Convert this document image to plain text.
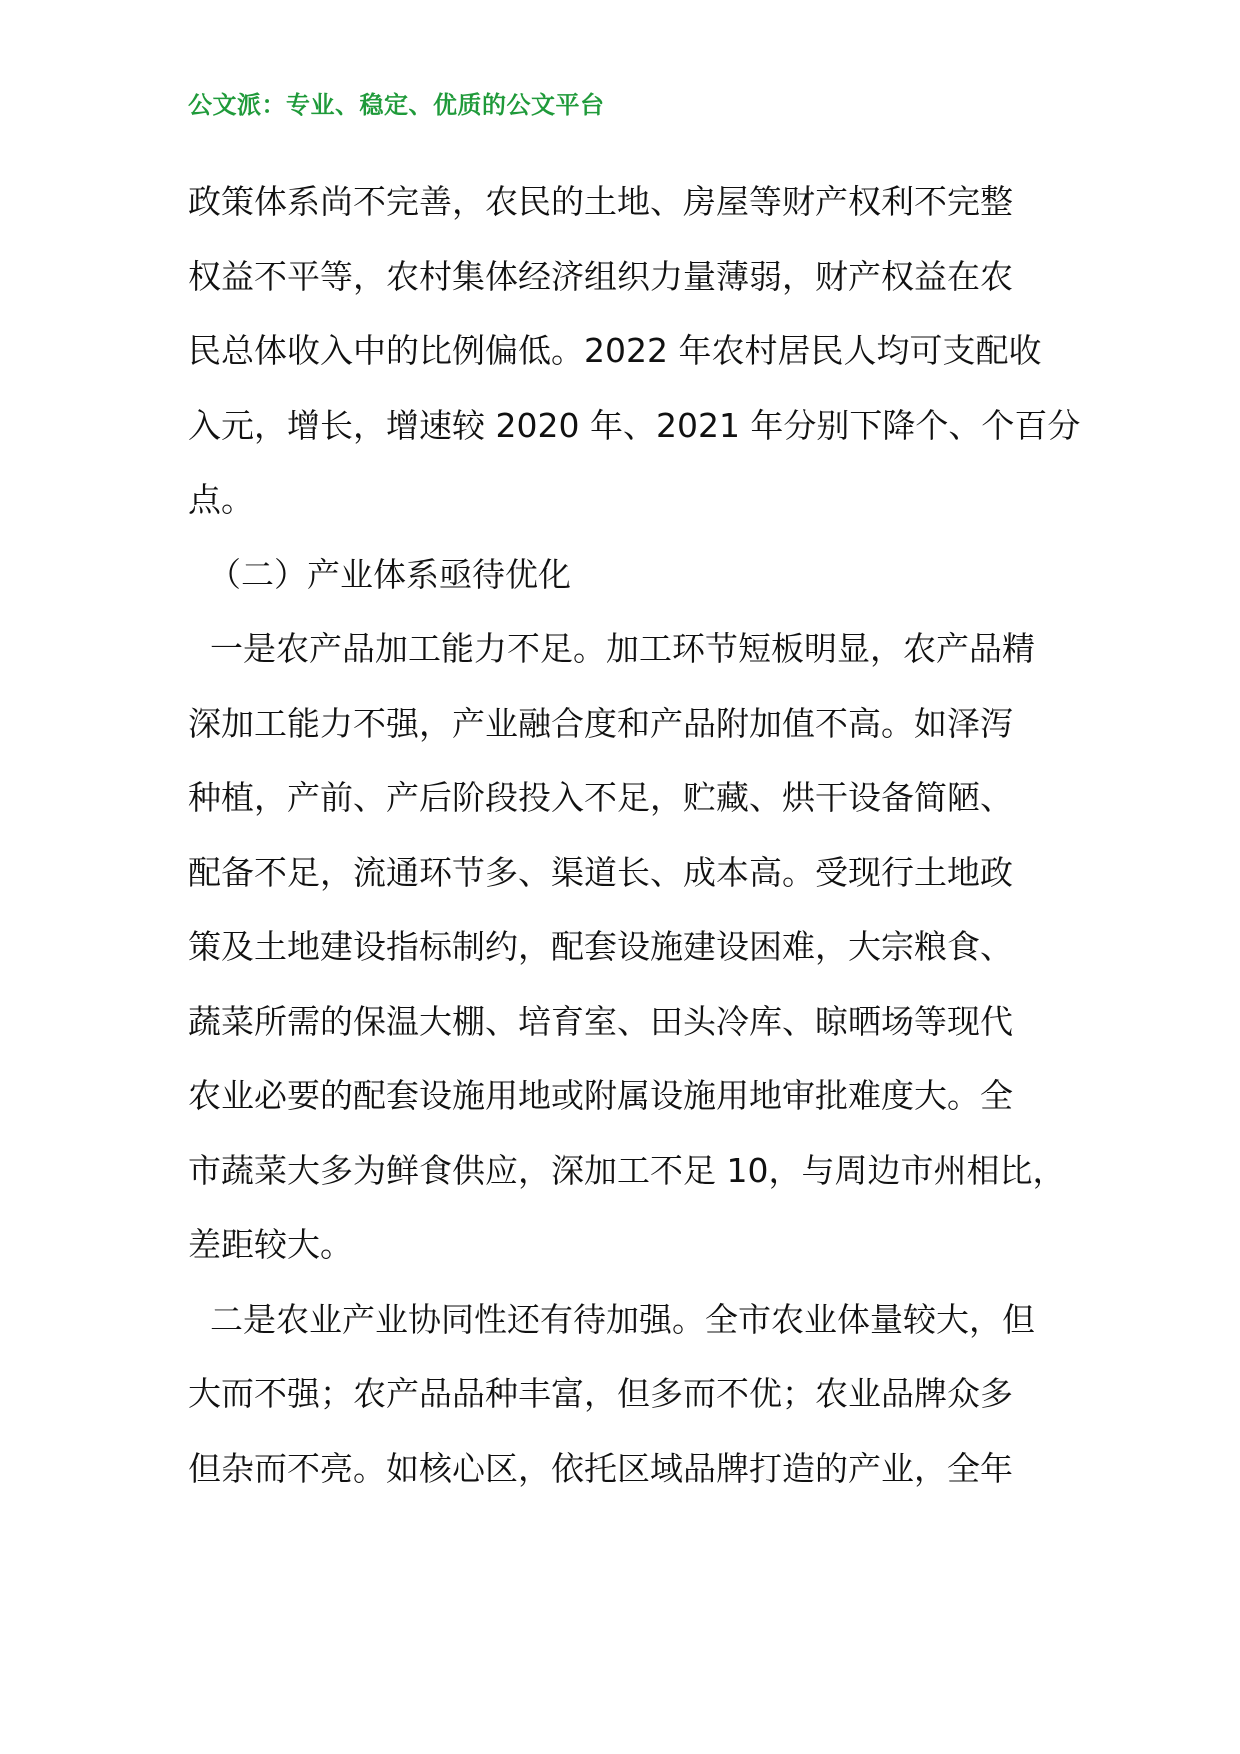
公文派：专业、稳定、优质的公文平台
政策体系尚不完善，农民的土地、房屋等财产权利不完整
权益不平等，农村集体经济组织力量薄弱，财产权益在农
民总体收入中的比例偏低。2022 年农村居民人均可支配收
入元，增长，增速较 2020 年、2021 年分别下降个、个百分
点。
（二）产业体系亟待优化
一是农产品加工能力不足。加工环节短板明显，农产品精
深加工能力不强，产业融合度和产品附加值不高。如泽泻
种植，产前、产后阶段投入不足，贮藏、烘干设备简陋、
配备不足，流通环节多、渠道长、成本高。受现行土地政
策及土地建设指标制约，配套设施建设困难，大宗粮食、
蔬菜所需的保温大棚、培育室、田头冷库、晾晒场等现代
农业必要的配套设施用地或附属设施用地审批难度大。全
市蔬菜大多为鲜食供应，深加工不足 10，与周边市州相比，
差距较大。
二是农业产业协同性还有待加强。全市农业体量较大，但
大而不强；农产品品种丰富，但多而不优；农业品牌众多
但杂而不亮。如核心区，依托区域品牌打造的产业，全年
